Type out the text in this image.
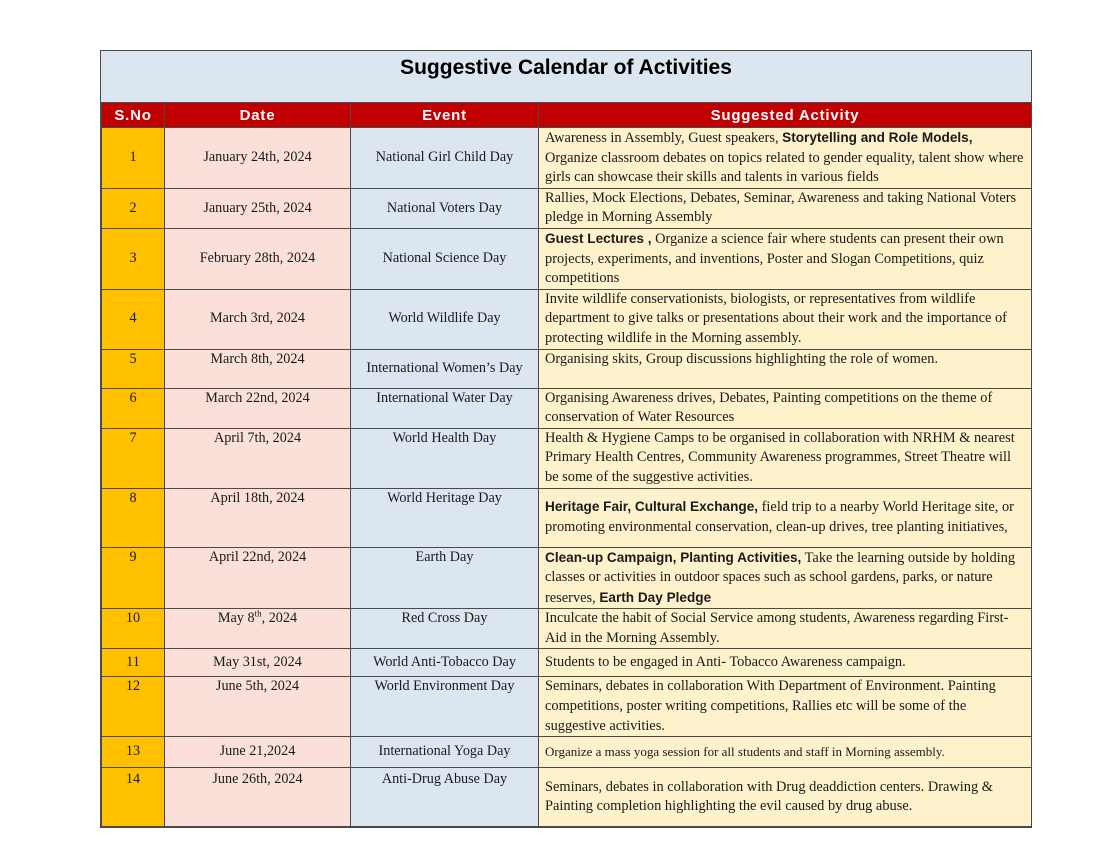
Suggestive Calendar of Activities
S.No	Date	Event	Suggested Activity
1	January 24th, 2024	National Girl Child Day	Awareness in Assembly, Guest speakers, Storytelling and Role Models, Organize classroom debates on topics related to gender equality, talent show where girls can showcase their skills and talents in various fields
2	January 25th, 2024	National Voters Day	Rallies, Mock Elections, Debates, Seminar, Awareness and taking National Voters pledge in Morning Assembly
3	February 28th, 2024	National Science Day	Guest Lectures , Organize a science fair where students can present their own projects, experiments, and inventions, Poster and Slogan Competitions, quiz competitions
4	March 3rd, 2024	World Wildlife Day	Invite wildlife conservationists, biologists, or representatives from wildlife department to give talks or presentations about their work and the importance of protecting wildlife in the Morning assembly.
5	March 8th, 2024	International Women’s Day	Organising skits, Group discussions highlighting the role of women.
6	March 22nd, 2024	International Water Day	Organising Awareness drives, Debates, Painting competitions on the theme of conservation of Water Resources
7	April 7th, 2024	World Health Day	Health & Hygiene Camps to be organised in collaboration with NRHM & nearest Primary Health Centres, Community Awareness programmes, Street Theatre will be some of the suggestive activities.
8	April 18th, 2024	World Heritage Day	Heritage Fair, Cultural Exchange, field trip to a nearby World Heritage site, or promoting environmental conservation, clean-up drives, tree planting initiatives,
9	April 22nd, 2024	Earth Day	Clean-up Campaign, Planting Activities, Take the learning outside by holding classes or activities in outdoor spaces such as school gardens, parks, or nature reserves, Earth Day Pledge
10	May 8th, 2024	Red Cross Day	Inculcate the habit of Social Service among students, Awareness regarding First-Aid in the Morning Assembly.
11	May 31st, 2024	World Anti-Tobacco Day	Students to be engaged in Anti- Tobacco Awareness campaign.
12	June 5th, 2024	World Environment Day	Seminars, debates in collaboration With Department of Environment. Painting competitions, poster writing competitions, Rallies etc will be some of the suggestive activities.
13	June 21,2024	International Yoga Day	Organize a mass yoga session for all students and staff in Morning assembly.
14	June 26th, 2024	Anti-Drug Abuse Day	Seminars, debates in collaboration with Drug deaddiction centers. Drawing & Painting completion highlighting the evil caused by drug abuse.
